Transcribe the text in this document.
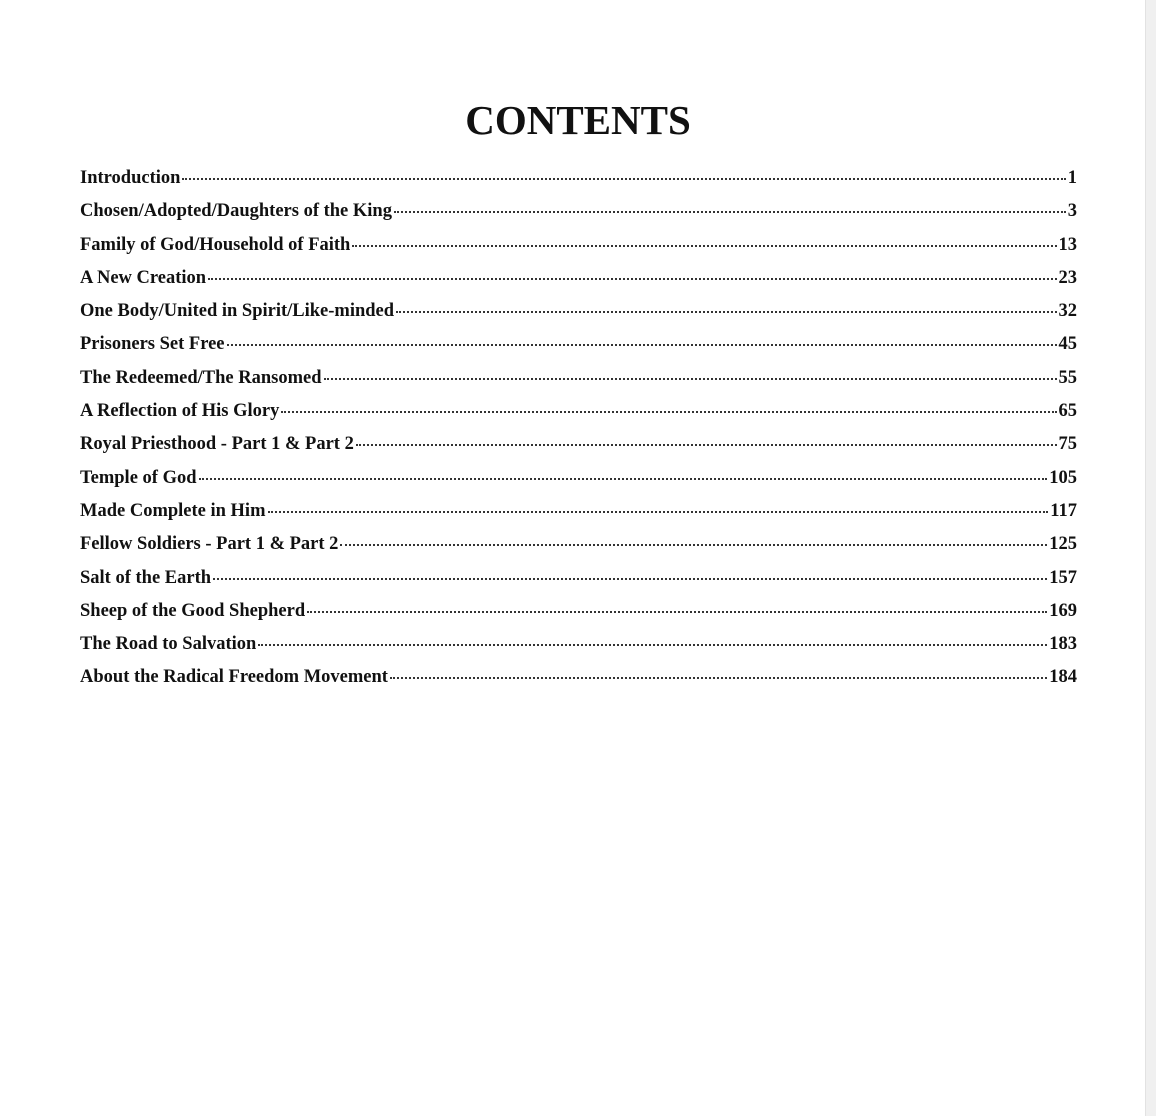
CONTENTS
Introduction	1
Chosen/Adopted/Daughters of the King	3
Family of God/Household of Faith	13
A New Creation	23
One Body/United in Spirit/Like-minded	32
Prisoners Set Free	45
The Redeemed/The Ransomed	55
A Reflection of His Glory	65
Royal Priesthood - Part 1 & Part 2	75
Temple of God	105
Made Complete in Him	117
Fellow Soldiers - Part 1 & Part 2	125
Salt of the Earth	157
Sheep of the Good Shepherd	169
The Road to Salvation	183
About the Radical Freedom Movement	184
